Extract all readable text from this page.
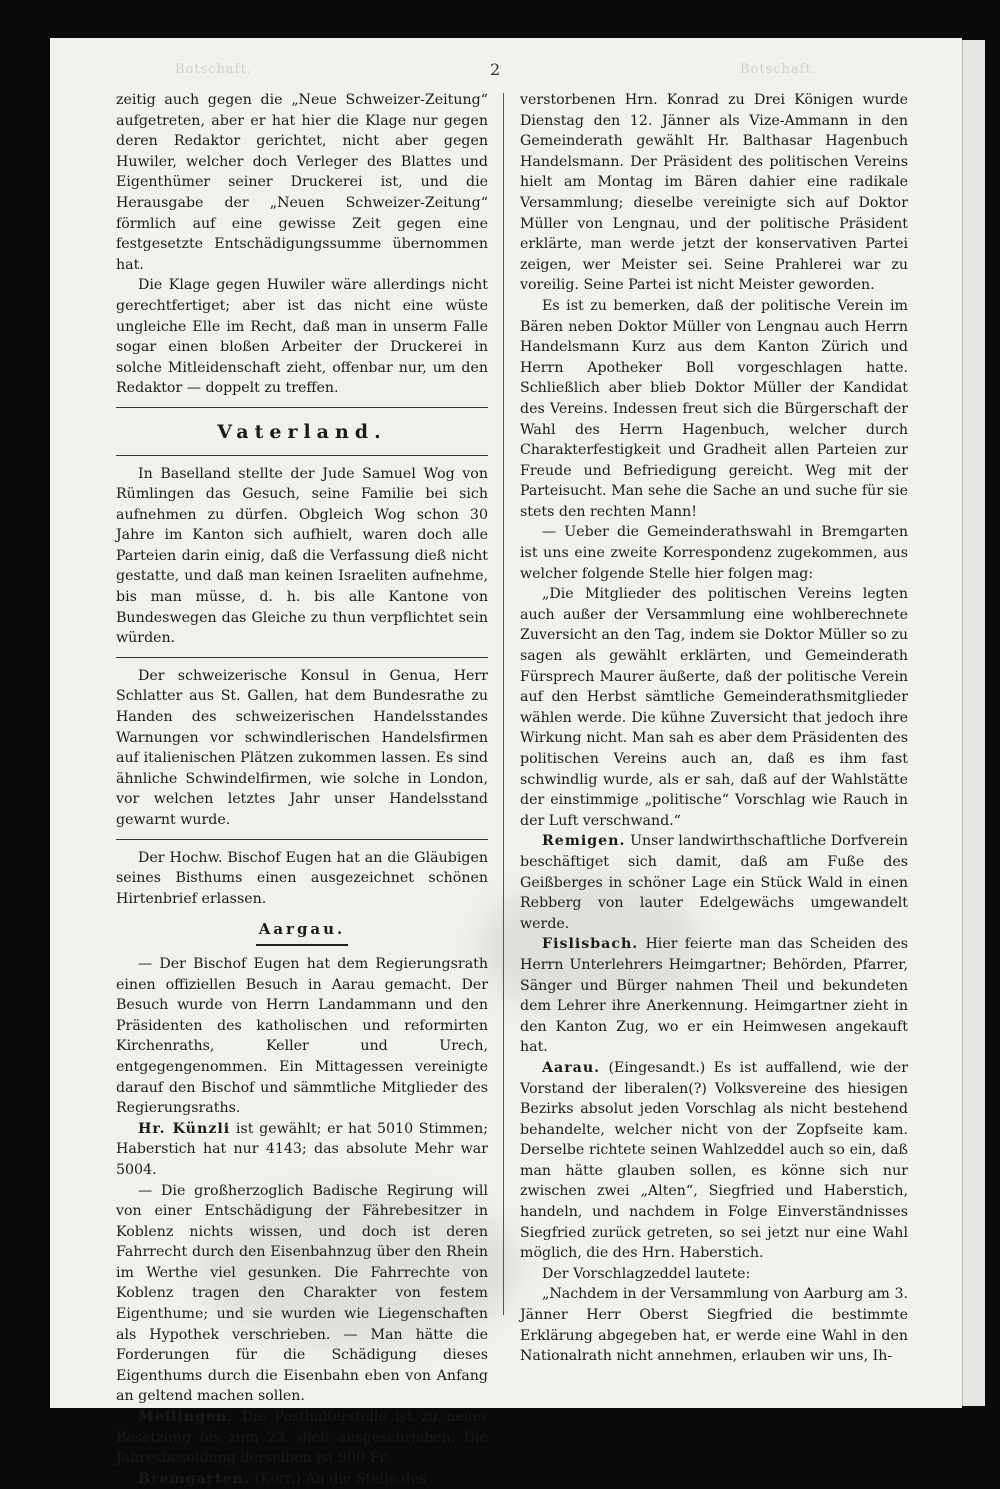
Botschaft.	Botschaft.
2

zeitig auch gegen die „Neue Schweizer-Zeitung“ aufgetreten, aber er hat hier die Klage nur gegen deren Redaktor gerichtet, nicht aber gegen Huwiler, welcher doch Verleger des Blattes und Eigenthümer seiner Druckerei ist, und die Herausgabe der „Neuen Schweizer-Zeitung“ förmlich auf eine gewisse Zeit gegen eine festgesetzte Entschädigungssumme übernommen hat.

Die Klage gegen Huwiler wäre allerdings nicht gerechtfertiget; aber ist das nicht eine wüste ungleiche Elle im Recht, daß man in unserm Falle sogar einen bloßen Arbeiter der Druckerei in solche Mitleidenschaft zieht, offenbar nur, um den Redaktor — doppelt zu treffen.

Vaterland.

In Baselland stellte der Jude Samuel Wog von Rümlingen das Gesuch, seine Familie bei sich aufnehmen zu dürfen. Obgleich Wog schon 30 Jahre im Kanton sich aufhielt, waren doch alle Parteien darin einig, daß die Verfassung dieß nicht gestatte, und daß man keinen Israeliten aufnehme, bis man müsse, d. h. bis alle Kantone von Bundeswegen das Gleiche zu thun verpflichtet sein würden.

Der schweizerische Konsul in Genua, Herr Schlatter aus St. Gallen, hat dem Bundesrathe zu Handen des schweizerischen Handelsstandes Warnungen vor schwindlerischen Handelsfirmen auf italienischen Plätzen zukommen lassen. Es sind ähnliche Schwindelfirmen, wie solche in London, vor welchen letztes Jahr unser Handelsstand gewarnt wurde.

Der Hochw. Bischof Eugen hat an die Gläubigen seines Bisthums einen ausgezeichnet schönen Hirtenbrief erlassen.

Aargau.

— Der Bischof Eugen hat dem Regierungsrath einen offiziellen Besuch in Aarau gemacht. Der Besuch wurde von Herrn Landammann und den Präsidenten des katholischen und reformirten Kirchenraths, Keller und Urech, entgegengenommen. Ein Mittagessen vereinigte darauf den Bischof und sämmtliche Mitglieder des Regierungsraths.

Hr. Künzli ist gewählt; er hat 5010 Stimmen; Haberstich hat nur 4143; das absolute Mehr war 5004.

— Die großherzoglich Badische Regirung will von einer Entschädigung der Fährebesitzer in Koblenz nichts wissen, und doch ist deren Fahrrecht durch den Eisenbahnzug über den Rhein im Werthe viel gesunken. Die Fahrrechte von Koblenz tragen den Charakter von festem Eigenthume; und sie wurden wie Liegenschaften als Hypothek verschrieben. — Man hätte die Forderungen für die Schädigung dieses Eigenthums durch die Eisenbahn eben von Anfang an geltend machen sollen.

Mellingen. Die Posthalterstelle ist zu neuer Besetzung bis zum 23. dieß ausgeschrieben. Die Jahresbesoldung derselben ist 900 Fr.

Bremgarten. (Korr.) An die Stelle des

verstorbenen Hrn. Konrad zu Drei Königen wurde Dienstag den 12. Jänner als Vize-Ammann in den Gemeinderath gewählt Hr. Balthasar Hagenbuch Handelsmann. Der Präsident des politischen Vereins hielt am Montag im Bären dahier eine radikale Versammlung; dieselbe vereinigte sich auf Doktor Müller von Lengnau, und der politische Präsident erklärte, man werde jetzt der konservativen Partei zeigen, wer Meister sei. Seine Prahlerei war zu voreilig. Seine Partei ist nicht Meister geworden.

Es ist zu bemerken, daß der politische Verein im Bären neben Doktor Müller von Lengnau auch Herrn Handelsmann Kurz aus dem Kanton Zürich und Herrn Apotheker Boll vorgeschlagen hatte. Schließlich aber blieb Doktor Müller der Kandidat des Vereins. Indessen freut sich die Bürgerschaft der Wahl des Herrn Hagenbuch, welcher durch Charakterfestigkeit und Gradheit allen Parteien zur Freude und Befriedigung gereicht. Weg mit der Parteisucht. Man sehe die Sache an und suche für sie stets den rechten Mann!

— Ueber die Gemeinderathswahl in Bremgarten ist uns eine zweite Korrespondenz zugekommen, aus welcher folgende Stelle hier folgen mag:

„Die Mitglieder des politischen Vereins legten auch außer der Versammlung eine wohlberechnete Zuversicht an den Tag, indem sie Doktor Müller so zu sagen als gewählt erklärten, und Gemeinderath Fürsprech Maurer äußerte, daß der politische Verein auf den Herbst sämtliche Gemeinderathsmitglieder wählen werde. Die kühne Zuversicht that jedoch ihre Wirkung nicht. Man sah es aber dem Präsidenten des politischen Vereins auch an, daß es ihm fast schwindlig wurde, als er sah, daß auf der Wahlstätte der einstimmige „politische“ Vorschlag wie Rauch in der Luft verschwand.“

Remigen. Unser landwirthschaftliche Dorfverein beschäftiget sich damit, daß am Fuße des Geißberges in schöner Lage ein Stück Wald in einen Rebberg von lauter Edelgewächs umgewandelt werde.

Fislisbach. Hier feierte man das Scheiden des Herrn Unterlehrers Heimgartner; Behörden, Pfarrer, Sänger und Bürger nahmen Theil und bekundeten dem Lehrer ihre Anerkennung. Heimgartner zieht in den Kanton Zug, wo er ein Heimwesen angekauft hat.

Aarau. (Eingesandt.) Es ist auffallend, wie der Vorstand der liberalen(?) Volksvereine des hiesigen Bezirks absolut jeden Vorschlag als nicht bestehend behandelte, welcher nicht von der Zopfseite kam. Derselbe richtete seinen Wahlzeddel auch so ein, daß man hätte glauben sollen, es könne sich nur zwischen zwei „Alten“, Siegfried und Haberstich, handeln, und nachdem in Folge Einverständnisses Siegfried zurück getreten, so sei jetzt nur eine Wahl möglich, die des Hrn. Haberstich.

Der Vorschlagzeddel lautete:

„Nachdem in der Versammlung von Aarburg am 3. Jänner Herr Oberst Siegfried die bestimmte Erklärung abgegeben hat, er werde eine Wahl in den Nationalrath nicht annehmen, erlauben wir uns, Ih-
